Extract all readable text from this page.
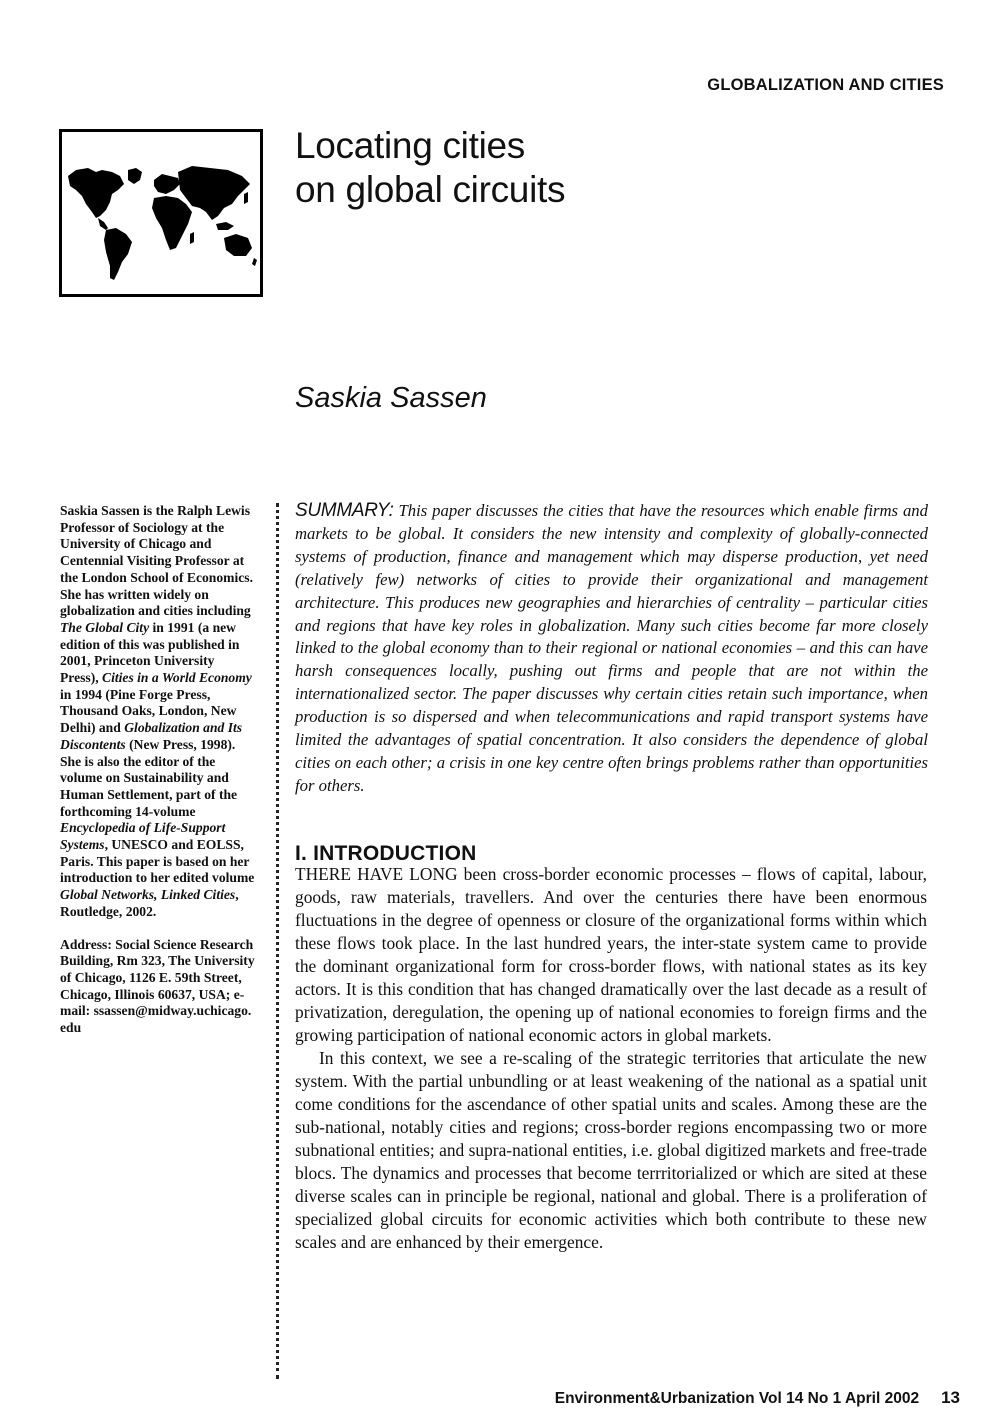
GLOBALIZATION AND CITIES
Locating cities
on global circuits
Saskia Sassen

Saskia Sassen is the Ralph Lewis Professor of Sociology at the University of Chicago and Centennial Visiting Professor at the London School of Economics. She has written widely on globalization and cities including The Global City in 1991 (a new edition of this was published in 2001, Princeton University Press), Cities in a World Economy in 1994 (Pine Forge Press, Thousand Oaks, London, New Delhi) and Globalization and Its Discontents (New Press, 1998). She is also the editor of the volume on Sustainability and Human Settlement, part of the forthcoming 14-volume Encyclopedia of Life-Support Systems, UNESCO and EOLSS, Paris. This paper is based on her introduction to her edited volume Global Networks, Linked Cities, Routledge, 2002.

Address: Social Science Research Building, Rm 323, The University of Chicago, 1126 E. 59th Street, Chicago, Illinois 60637, USA; e-mail: ssassen@midway.uchicago. edu

SUMMARY: This paper discusses the cities that have the resources which enable firms and markets to be global. It considers the new intensity and complexity of globally-connected systems of production, finance and management which may disperse production, yet need (relatively few) networks of cities to provide their organizational and management architecture. This produces new geographies and hierarchies of centrality – particular cities and regions that have key roles in globalization. Many such cities become far more closely linked to the global economy than to their regional or national economies – and this can have harsh consequences locally, pushing out firms and people that are not within the internationalized sector. The paper discusses why certain cities retain such importance, when production is so dispersed and when telecommunications and rapid transport systems have limited the advantages of spatial concentration. It also considers the dependence of global cities on each other; a crisis in one key centre often brings problems rather than opportunities for others.
I. INTRODUCTION

THERE HAVE LONG been cross-border economic processes – flows of capital, labour, goods, raw materials, travellers. And over the centuries there have been enormous fluctuations in the degree of openness or closure of the organizational forms within which these flows took place. In the last hundred years, the inter-state system came to provide the dominant organizational form for cross-border flows, with national states as its key actors. It is this condition that has changed dramatically over the last decade as a result of privatization, deregulation, the opening up of national economies to foreign firms and the growing participation of national economic actors in global markets.

In this context, we see a re-scaling of the strategic territories that articulate the new system. With the partial unbundling or at least weakening of the national as a spatial unit come conditions for the ascendance of other spatial units and scales. Among these are the sub-national, notably cities and regions; cross-border regions encompassing two or more subnational entities; and supra-national entities, i.e. global digitized markets and free-trade blocs. The dynamics and processes that become terrritorialized or which are sited at these diverse scales can in principle be regional, national and global. There is a proliferation of specialized global circuits for economic activities which both contribute to these new scales and are enhanced by their emergence.

Environment&Urbanization Vol 14 No 1 April 2002 13
